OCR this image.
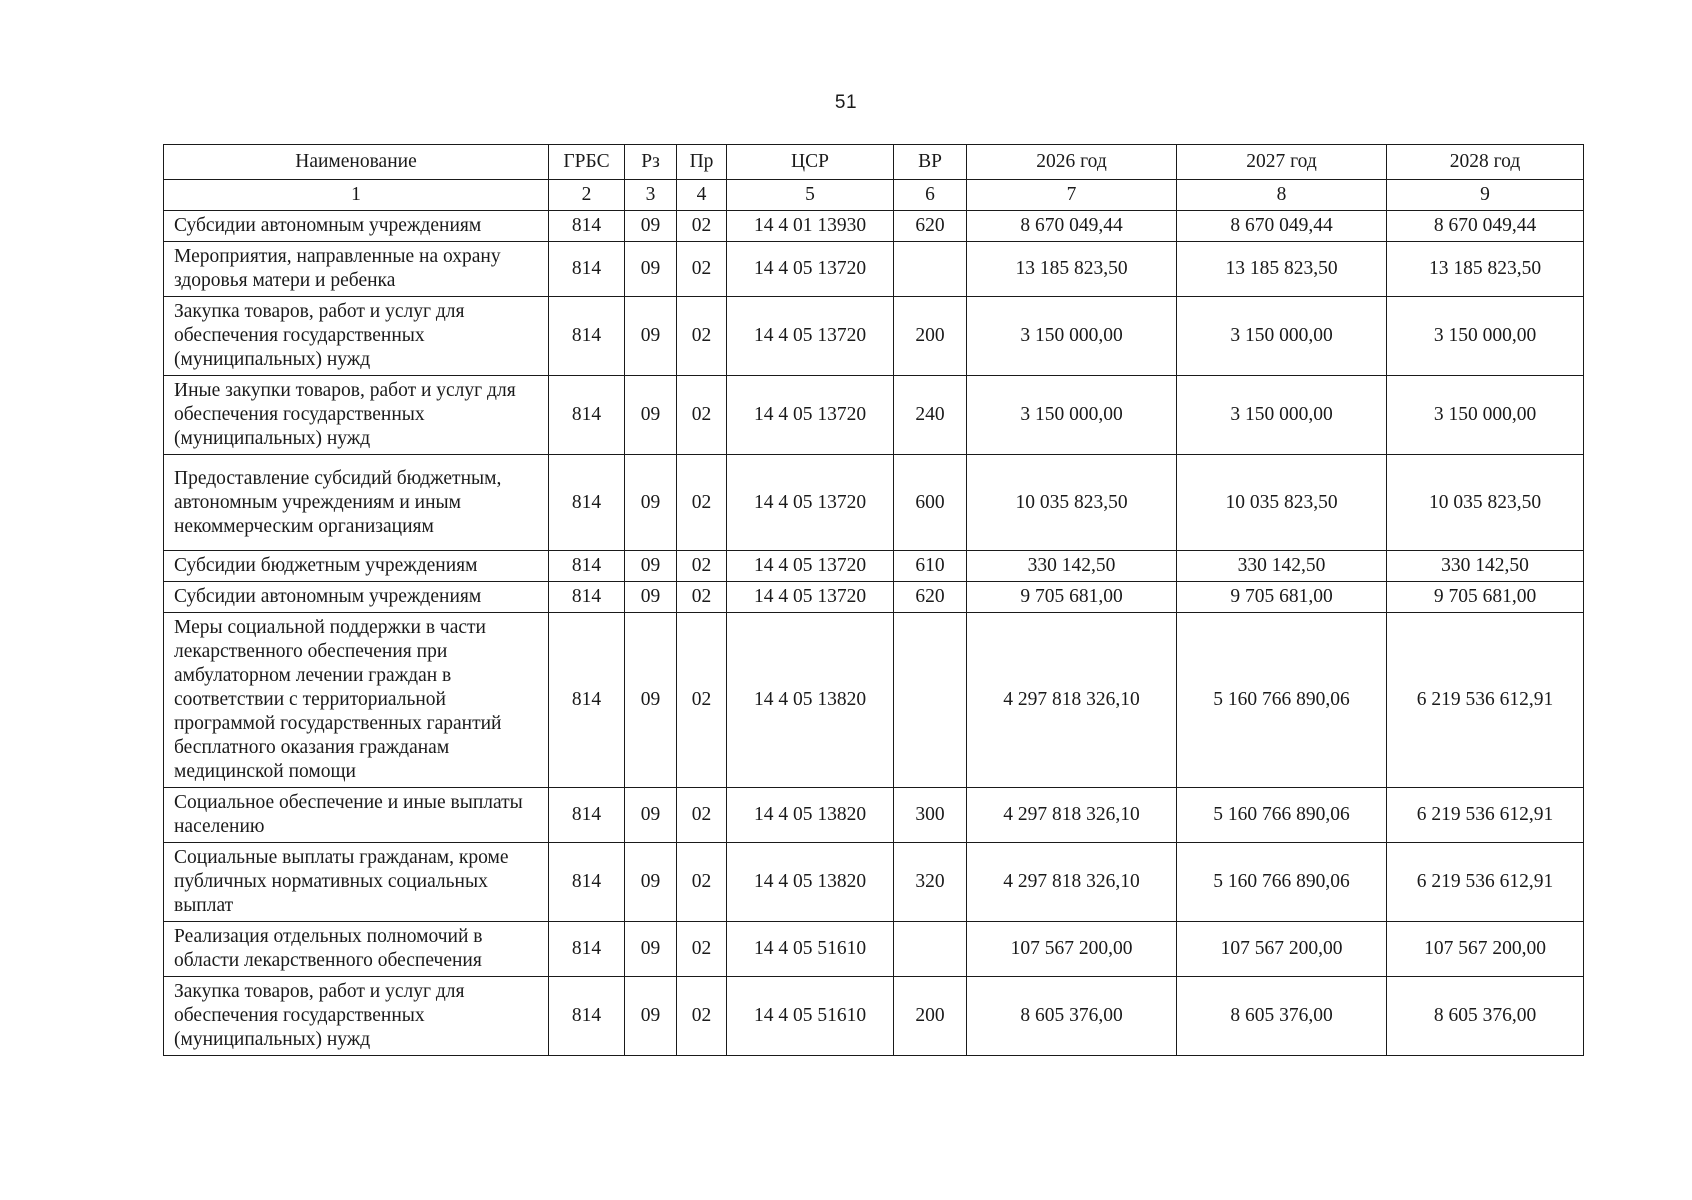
51
Наименование	ГРБС	Рз	Пр	ЦСР	ВР	2026 год	2027 год	2028 год
1	2	3	4	5	6	7	8	9
Субсидии автономным учреждениям	814	09	02	14 4 01 13930	620	8 670 049,44	8 670 049,44	8 670 049,44
Мероприятия, направленные на охрану здоровья матери и ребенка	814	09	02	14 4 05 13720		13 185 823,50	13 185 823,50	13 185 823,50
Закупка товаров, работ и услуг для обеспечения государственных (муниципальных) нужд	814	09	02	14 4 05 13720	200	3 150 000,00	3 150 000,00	3 150 000,00
Иные закупки товаров, работ и услуг для обеспечения государственных (муниципальных) нужд	814	09	02	14 4 05 13720	240	3 150 000,00	3 150 000,00	3 150 000,00
Предоставление субсидий бюджетным, автономным учреждениям и иным некоммерческим организациям	814	09	02	14 4 05 13720	600	10 035 823,50	10 035 823,50	10 035 823,50
Субсидии бюджетным учреждениям	814	09	02	14 4 05 13720	610	330 142,50	330 142,50	330 142,50
Субсидии автономным учреждениям	814	09	02	14 4 05 13720	620	9 705 681,00	9 705 681,00	9 705 681,00
Меры социальной поддержки в части лекарственного обеспечения при амбулаторном лечении граждан в соответствии с территориальной программой государственных гарантий бесплатного оказания гражданам медицинской помощи	814	09	02	14 4 05 13820		4 297 818 326,10	5 160 766 890,06	6 219 536 612,91
Социальное обеспечение и иные выплаты населению	814	09	02	14 4 05 13820	300	4 297 818 326,10	5 160 766 890,06	6 219 536 612,91
Социальные выплаты гражданам, кроме публичных нормативных социальных выплат	814	09	02	14 4 05 13820	320	4 297 818 326,10	5 160 766 890,06	6 219 536 612,91
Реализация отдельных полномочий в области лекарственного обеспечения	814	09	02	14 4 05 51610		107 567 200,00	107 567 200,00	107 567 200,00
Закупка товаров, работ и услуг для обеспечения государственных (муниципальных) нужд	814	09	02	14 4 05 51610	200	8 605 376,00	8 605 376,00	8 605 376,00
